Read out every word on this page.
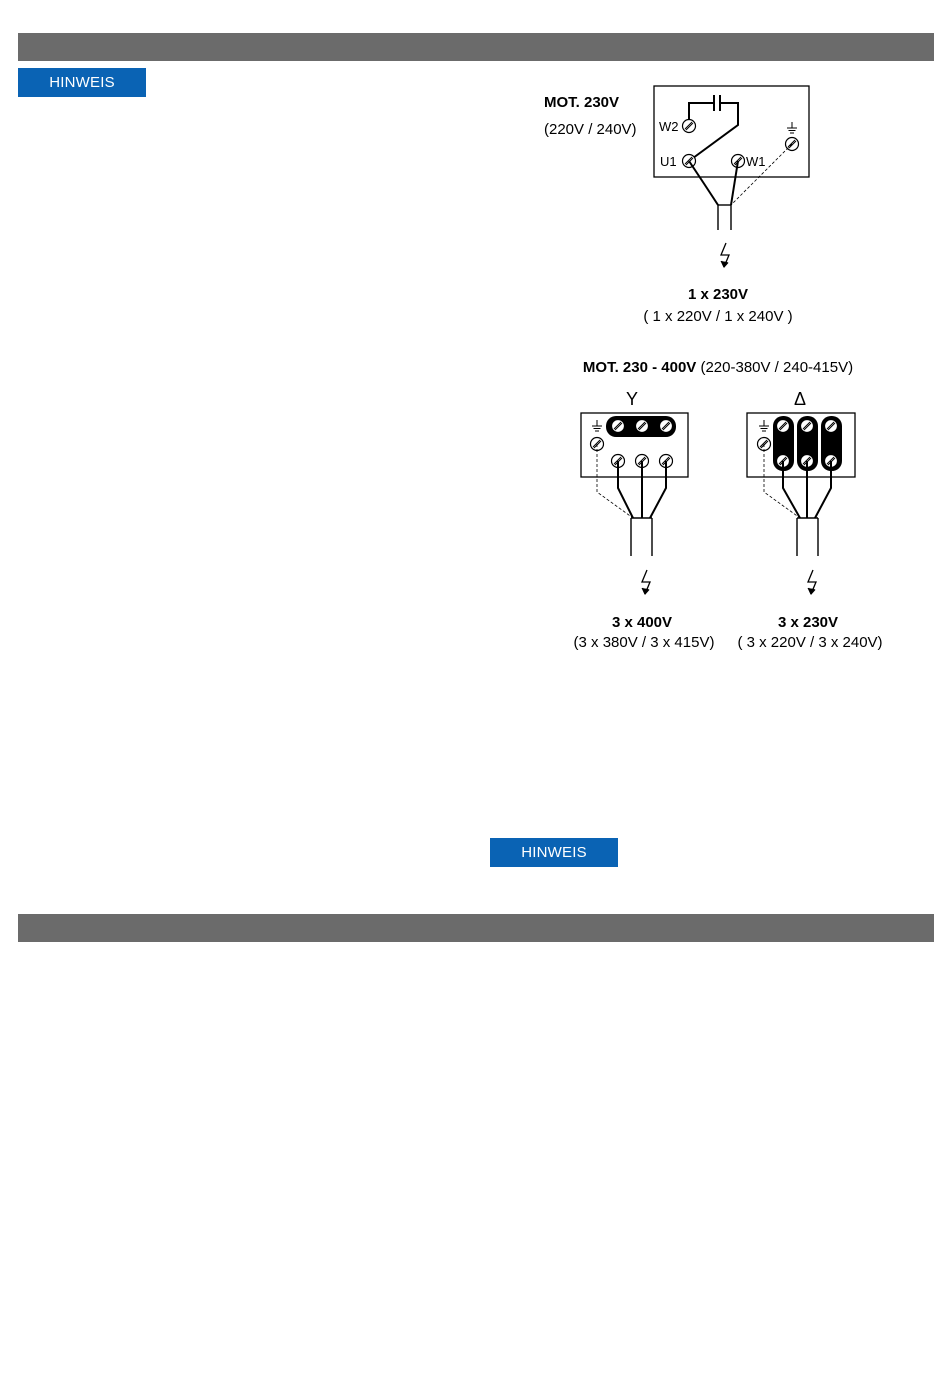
HINWEIS
MOT. 230V
(220V / 240V) W2
U1	W1
1 x 230V
( 1 x 220V / 1 x 240V )
MOT. 230 - 400V (220-380V / 240-415V)
Y
3 x 400V
(3 x 380V / 3 x 415V)
Δ
3 x 230V
( 3 x 220V / 3 x 240V)
HINWEIS
